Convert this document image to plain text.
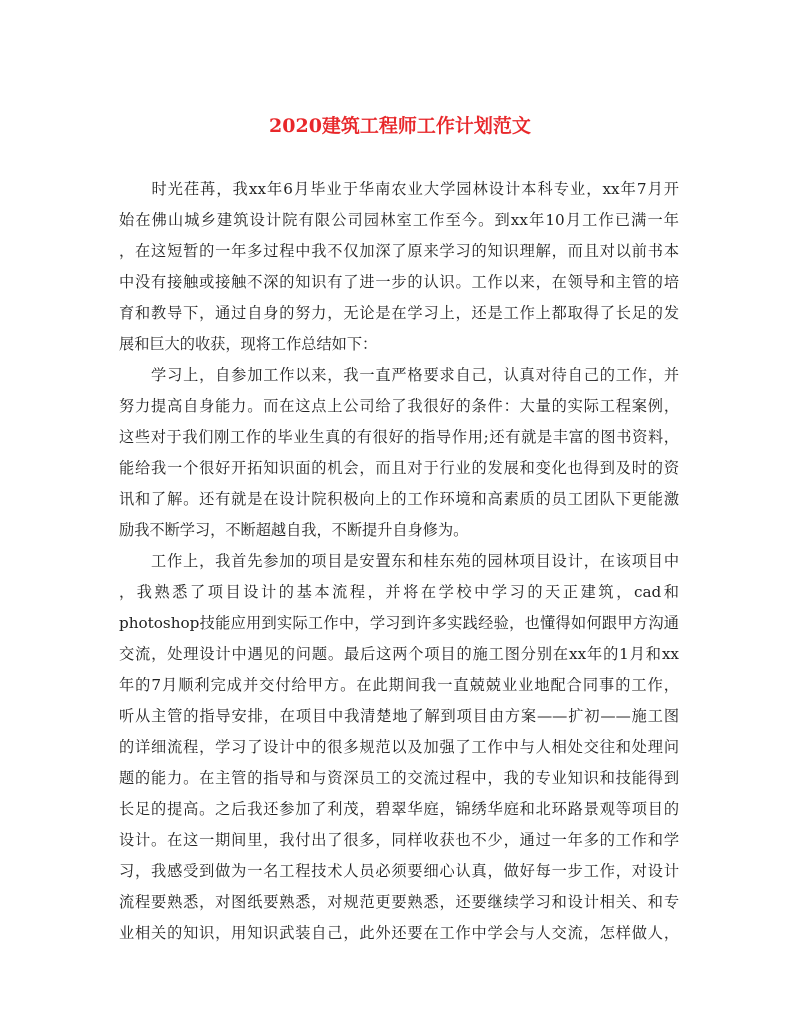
2020建筑工程师工作计划范文
　　时光荏苒，我xx年6月毕业于华南农业大学园林设计本科专业，xx年7月开
始在佛山城乡建筑设计院有限公司园林室工作至今。到xx年10月工作已满一年
，在这短暂的一年多过程中我不仅加深了原来学习的知识理解，而且对以前书本
中没有接触或接触不深的知识有了进一步的认识。工作以来，在领导和主管的培
育和教导下，通过自身的努力，无论是在学习上，还是工作上都取得了长足的发
展和巨大的收获，现将工作总结如下：
　　学习上，自参加工作以来，我一直严格要求自己，认真对待自己的工作，并
努力提高自身能力。而在这点上公司给了我很好的条件：大量的实际工程案例，
这些对于我们刚工作的毕业生真的有很好的指导作用;还有就是丰富的图书资料，
能给我一个很好开拓知识面的机会，而且对于行业的发展和变化也得到及时的资
讯和了解。还有就是在设计院积极向上的工作环境和高素质的员工团队下更能激
励我不断学习，不断超越自我，不断提升自身修为。
　　工作上，我首先参加的项目是安置东和桂东苑的园林项目设计，在该项目中
，我熟悉了项目设计的基本流程，并将在学校中学习的天正建筑，cad和
photoshop技能应用到实际工作中，学习到许多实践经验，也懂得如何跟甲方沟通
交流，处理设计中遇见的问题。最后这两个项目的施工图分别在xx年的1月和xx
年的7月顺利完成并交付给甲方。在此期间我一直兢兢业业地配合同事的工作，
听从主管的指导安排，在项目中我清楚地了解到项目由方案——扩初——施工图
的详细流程，学习了设计中的很多规范以及加强了工作中与人相处交往和处理问
题的能力。在主管的指导和与资深员工的交流过程中，我的专业知识和技能得到
长足的提高。之后我还参加了利茂，碧翠华庭，锦绣华庭和北环路景观等项目的
设计。在这一期间里，我付出了很多，同样收获也不少，通过一年多的工作和学
习，我感受到做为一名工程技术人员必须要细心认真，做好每一步工作，对设计
流程要熟悉，对图纸要熟悉，对规范更要熟悉，还要继续学习和设计相关、和专
业相关的知识，用知识武装自己，此外还要在工作中学会与人交流，怎样做人，
